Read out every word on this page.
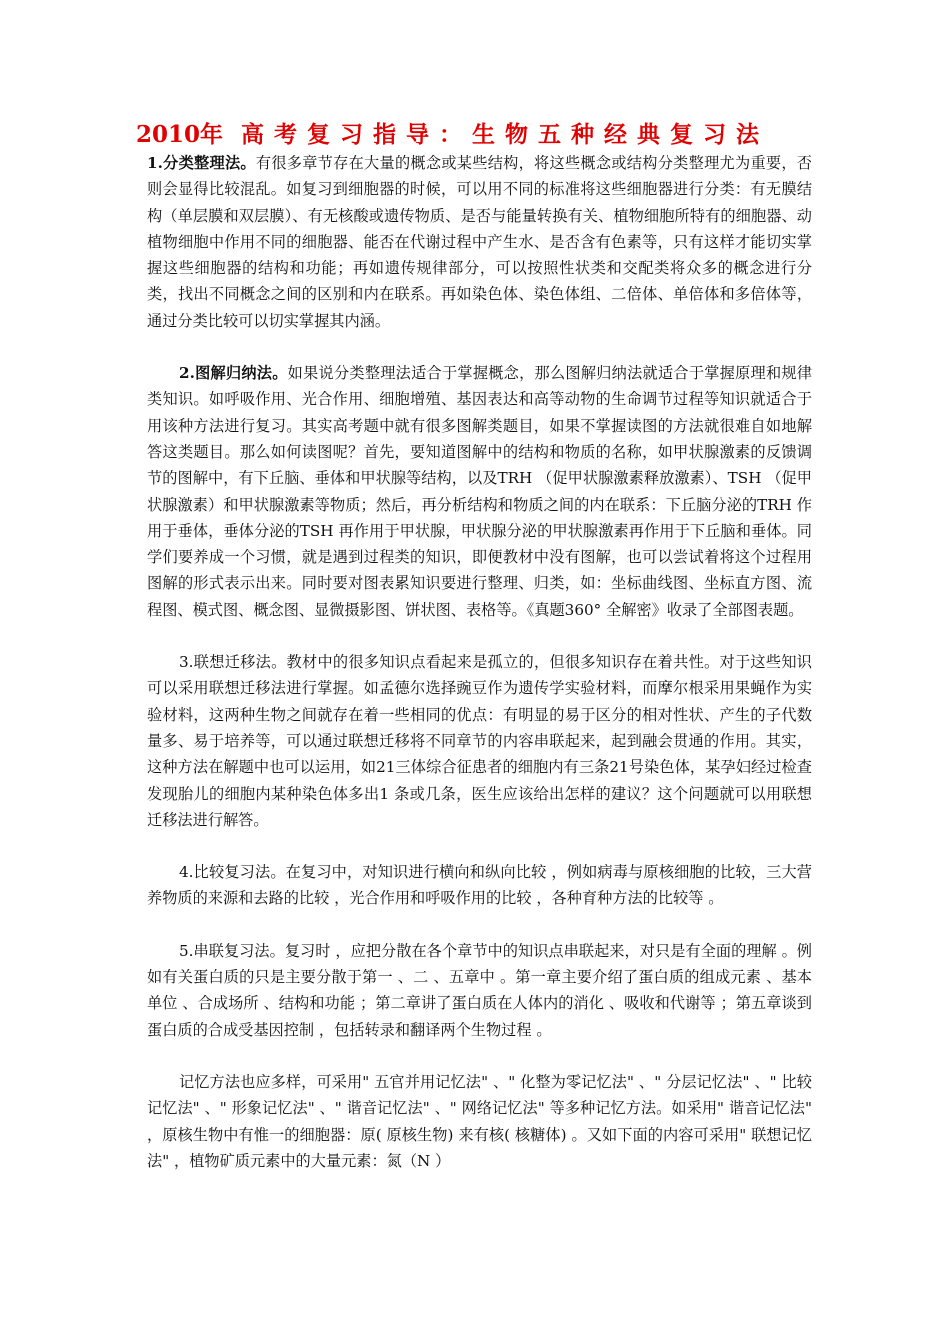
2010年 高考复习指导：生物五种经典复习法

1.分类整理法。有很多章节存在大量的概念或某些结构，将这些概念或结构分类整理尤为重要，否则会显得比较混乱。如复习到细胞器的时候，可以用不同的标准将这些细胞器进行分类：有无膜结构（单层膜和双层膜）、有无核酸或遗传物质、是否与能量转换有关、植物细胞所特有的细胞器、动植物细胞中作用不同的细胞器、能否在代谢过程中产生水、是否含有色素等，只有这样才能切实掌握这些细胞器的结构和功能；再如遗传规律部分，可以按照性状类和交配类将众多的概念进行分类，找出不同概念之间的区别和内在联系。再如染色体、染色体组、二倍体、单倍体和多倍体等，通过分类比较可以切实掌握其内涵。

2.图解归纳法。如果说分类整理法适合于掌握概念，那么图解归纳法就适合于掌握原理和规律类知识。如呼吸作用、光合作用、细胞增殖、基因表达和高等动物的生命调节过程等知识就适合于用该种方法进行复习。其实高考题中就有很多图解类题目，如果不掌握读图的方法就很难自如地解答这类题目。那么如何读图呢？首先，要知道图解中的结构和物质的名称，如甲状腺激素的反馈调节的图解中，有下丘脑、垂体和甲状腺等结构，以及TRH （促甲状腺激素释放激素）、TSH （促甲状腺激素）和甲状腺激素等物质；然后，再分析结构和物质之间的内在联系：下丘脑分泌的TRH 作用于垂体，垂体分泌的TSH 再作用于甲状腺，甲状腺分泌的甲状腺激素再作用于下丘脑和垂体。同学们要养成一个习惯，就是遇到过程类的知识，即便教材中没有图解，也可以尝试着将这个过程用图解的形式表示出来。同时要对图表累知识要进行整理、归类，如：坐标曲线图、坐标直方图、流程图、模式图、概念图、显微摄影图、饼状图、表格等。《真题360° 全解密》收录了全部图表题。

3.联想迁移法。教材中的很多知识点看起来是孤立的，但很多知识存在着共性。对于这些知识可以采用联想迁移法进行掌握。如孟德尔选择豌豆作为遗传学实验材料，而摩尔根采用果蝇作为实验材料，这两种生物之间就存在着一些相同的优点：有明显的易于区分的相对性状、产生的子代数量多、易于培养等，可以通过联想迁移将不同章节的内容串联起来，起到融会贯通的作用。其实，这种方法在解题中也可以运用，如21三体综合征患者的细胞内有三条21号染色体，某孕妇经过检查发现胎儿的细胞内某种染色体多出1 条或几条，医生应该给出怎样的建议？这个问题就可以用联想迁移法进行解答。

4.比较复习法。在复习中，对知识进行横向和纵向比较 ，例如病毒与原核细胞的比较，三大营养物质的来源和去路的比较 ，光合作用和呼吸作用的比较 ，各种育种方法的比较等 。

5.串联复习法。复习时 ，应把分散在各个章节中的知识点串联起来，对只是有全面的理解 。例如有关蛋白质的只是主要分散于第一 、二 、五章中 。第一章主要介绍了蛋白质的组成元素 、基本单位 、合成场所 、结构和功能 ；第二章讲了蛋白质在人体内的消化 、吸收和代谢等 ；第五章谈到蛋白质的合成受基因控制 ，包括转录和翻译两个生物过程 。

记忆方法也应多样，可采用" 五官并用记忆法" 、" 化整为零记忆法" 、" 分层记忆法" 、" 比较记忆法" 、" 形象记忆法" 、" 谐音记忆法" 、" 网络记忆法" 等多种记忆方法。如采用" 谐音记忆法" ，原核生物中有惟一的细胞器：原( 原核生物) 来有核( 核糖体) 。又如下面的内容可采用" 联想记忆法" ，植物矿质元素中的大量元素：氮（N ）
